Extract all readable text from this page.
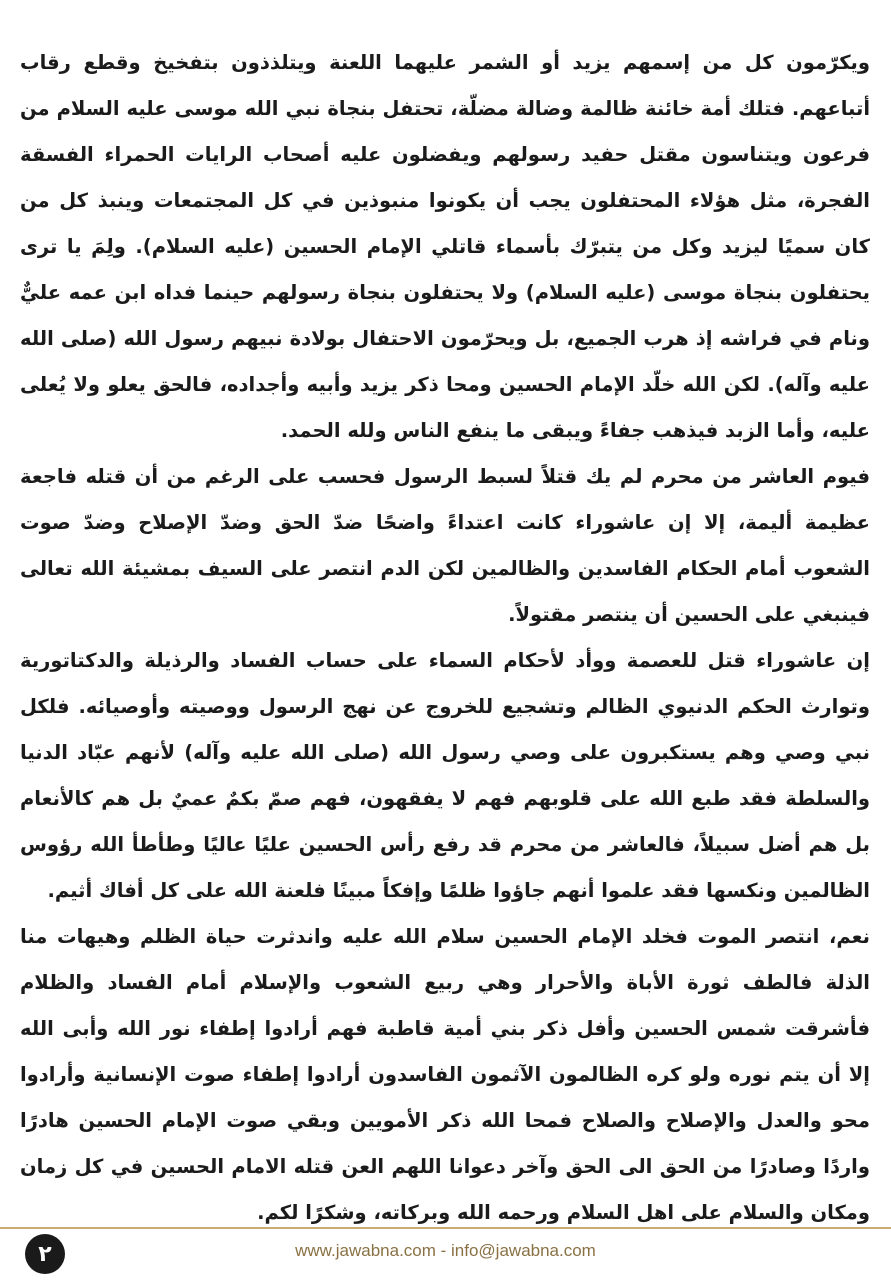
ويكرّمون كل من إسمهم يزيد أو الشمر عليهما اللعنة ويتلذذون بتفخيخ وقطع رقاب أتباعهم. فتلك أمة خائنة ظالمة وضالة مضلّة، تحتفل بنجاة نبي الله موسى عليه السلام من فرعون ويتناسون مقتل حفيد رسولهم ويفضلون عليه أصحاب الرايات الحمراء الفسقة الفجرة، مثل هؤلاء المحتفلون يجب أن يكونوا منبوذين في كل المجتمعات وينبذ كل من كان سميًا ليزيد وكل من يتبرّك بأسماء قاتلي الإمام الحسين (عليه السلام). ولِمَ يا ترى يحتفلون بنجاة موسى (عليه السلام) ولا يحتفلون بنجاة رسولهم حينما فداه ابن عمه عليٌّ ونام في فراشه إذ هرب الجميع، بل ويحرّمون الاحتفال بولادة نبيهم رسول الله (صلى الله عليه وآله). لكن الله خلّد الإمام الحسين ومحا ذكر يزيد وأبيه وأجداده، فالحق يعلو ولا يُعلى عليه، وأما الزبد فيذهب جفاءً ويبقى ما ينفع الناس ولله الحمد.

فيوم العاشر من محرم لم يك قتلاً لسبط الرسول فحسب على الرغم من أن قتله فاجعة عظيمة أليمة، إلا إن عاشوراء كانت اعتداءً واضحًا ضدّ الحق وضدّ الإصلاح وضدّ صوت الشعوب أمام الحكام الفاسدين والظالمين لكن الدم انتصر على السيف بمشيئة الله تعالى فينبغي على الحسين أن ينتصر مقتولاً.

إن عاشوراء قتل للعصمة ووأد لأحكام السماء على حساب الفساد والرذيلة والدكتاتورية وتوارث الحكم الدنيوي الظالم وتشجيع للخروج عن نهج الرسول ووصيته وأوصيائه. فلكل نبي وصي وهم يستكبرون على وصي رسول الله (صلى الله عليه وآله) لأنهم عبّاد الدنيا والسلطة فقد طبع الله على قلوبهم فهم لا يفقهون، فهم صمّ بكمٌ عميٌ بل هم كالأنعام بل هم أضل سبيلاً، فالعاشر من محرم قد رفع رأس الحسين عليًا عاليًا وطأطأ الله رؤوس الظالمين ونكسها فقد علموا أنهم جاؤوا ظلمًا وإفكاً مبينًا فلعنة الله على كل أفاك أثيم.

نعم، انتصر الموت فخلد الإمام الحسين سلام الله عليه واندثرت حياة الظلم وهيهات منا الذلة فالطف ثورة الأباة والأحرار وهي ربيع الشعوب والإسلام أمام الفساد والظلام فأشرقت شمس الحسين وأفل ذكر بني أمية قاطبة فهم أرادوا إطفاء نور الله وأبى الله إلا أن يتم نوره ولو كره الظالمون الآثمون الفاسدون أرادوا إطفاء صوت الإنسانية وأرادوا محو والعدل والإصلاح والصلاح فمحا الله ذكر الأمويين وبقي صوت الإمام الحسين هادرًا واردًا وصادرًا من الحق الى الحق وآخر دعوانا اللهم العن قتله الامام الحسين في كل زمان ومكان والسلام على اهل السلام ورحمه الله وبركاته، وشكرًا لكم.

٢	www.jawabna.com - info@jawabna.com
